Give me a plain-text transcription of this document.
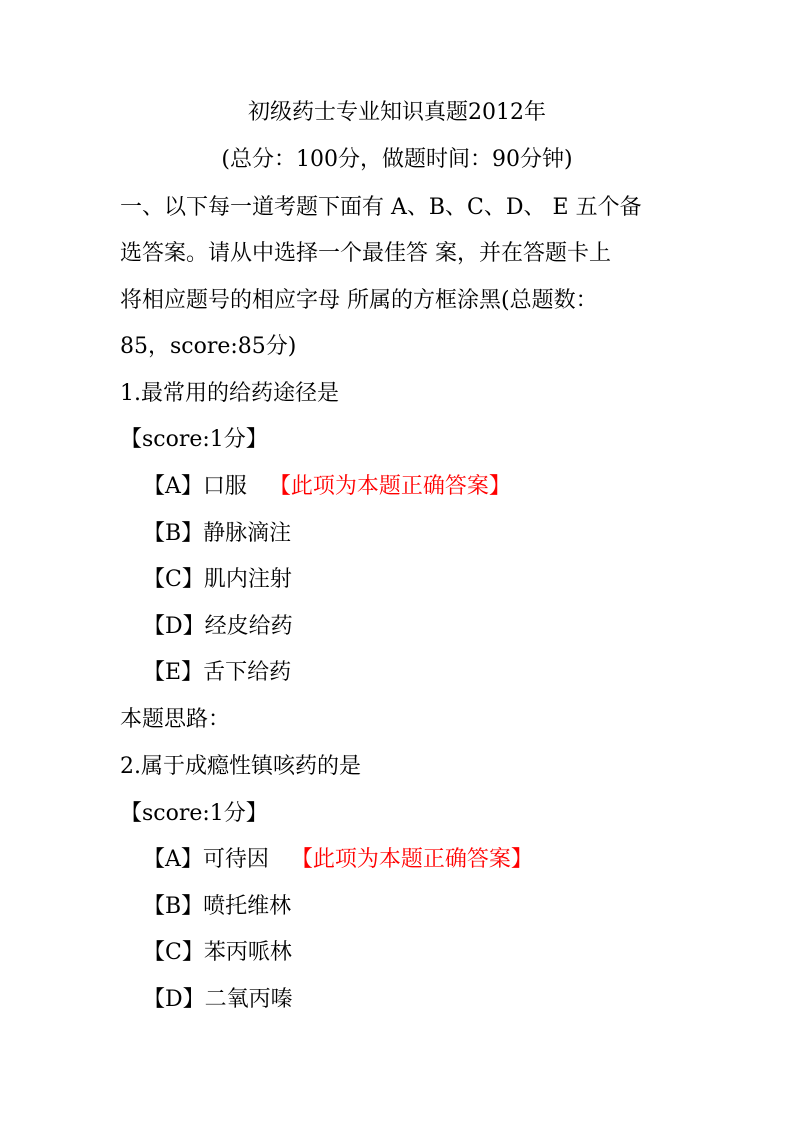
初级药士专业知识真题2012年
(总分：100分，做题时间：90分钟)
一、以下每一道考题下面有 A、B、C、D、 E 五个备
选答案。请从中选择一个最佳答 案，并在答题卡上
将相应题号的相应字母 所属的方框涂黑(总题数：
85，score:85分)
1.最常用的给药途径是
【score:1分】
【A】口服 【此项为本题正确答案】
【B】静脉滴注
【C】肌内注射
【D】经皮给药
【E】舌下给药
本题思路：
2.属于成瘾性镇咳药的是
【score:1分】
【A】可待因 【此项为本题正确答案】
【B】喷托维林
【C】苯丙哌林
【D】二氧丙嗪
